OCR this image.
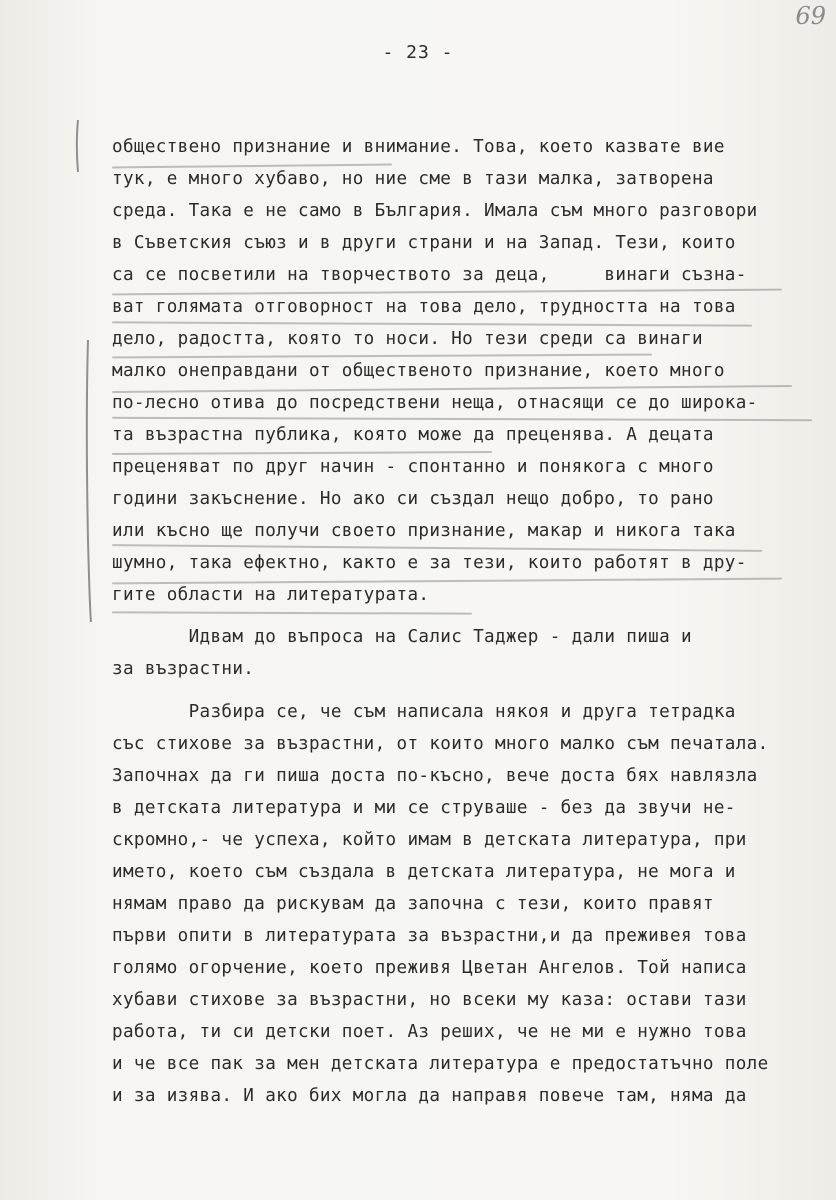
69
- 23 -
обществено признание и внимание. Това, което казвате вие
тук, е много хубаво, но ние сме в тази малка, затворена
среда. Така е не само в България. Имала съм много разговори
в Съветския съюз и в други страни и на Запад. Тези, които
са се посветили на творчеството за деца,     винаги съзна-
ват голямата отговорност на това дело, трудността на това
дело, радостта, която то носи. Но тези среди са винаги
малко онеправдани от общественото признание, което много
по-лесно отива до посредствени неща, отнасящи се до широка-
та възрастна публика, която може да преценява. А децата
преценяват по друг начин - спонтанно и понякога с много
години закъснение. Но ако си създал нещо добро, то рано
или късно ще получи своето признание, макар и никога така
шумно, така ефектно, както е за тези, които работят в дру-
гите области на литературата.
Идвам до въпроса на Салис Таджер - дали пиша и
за възрастни.
Разбира се, че съм написала някоя и друга тетрадка
със стихове за възрастни, от които много малко съм печатала.
Започнах да ги пиша доста по-късно, вече доста бях навлязла
в детската литература и ми се струваше - без да звучи не-
скромно,- че успеха, който имам в детската литература, при
името, което съм създала в детската литература, не мога и
нямам право да рискувам да започна с тези, които правят
първи опити в литературата за възрастни,и да преживея това
голямо огорчение, което преживя Цветан Ангелов. Той написа
хубави стихове за възрастни, но всеки му каза: остави тази
работа, ти си детски поет. Аз реших, че не ми е нужно това
и че все пак за мен детската литература е предостатъчно поле
и за изява. И ако бих могла да направя повече там, няма да
